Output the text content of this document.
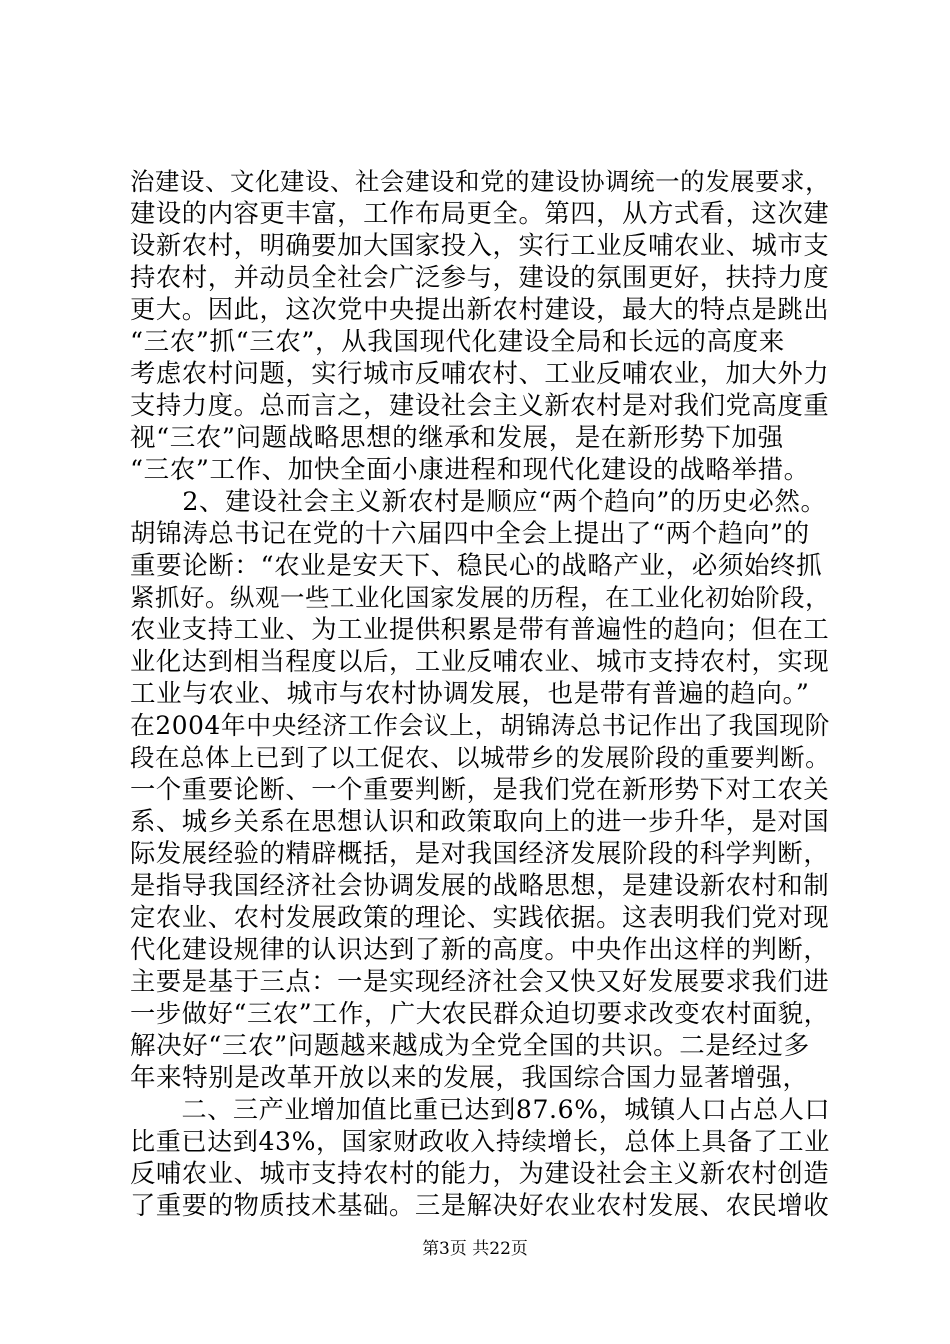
治建设、文化建设、社会建设和党的建设协调统一的发展要求，
建设的内容更丰富，工作布局更全。第四，从方式看，这次建
设新农村，明确要加大国家投入，实行工业反哺农业、城市支
持农村，并动员全社会广泛参与，建设的氛围更好，扶持力度
更大。因此，这次党中央提出新农村建设，最大的特点是跳出
“三农”抓“三农”，从我国现代化建设全局和长远的高度来
考虑农村问题，实行城市反哺农村、工业反哺农业，加大外力
支持力度。总而言之，建设社会主义新农村是对我们党高度重
视“三农”问题战略思想的继承和发展，是在新形势下加强
“三农”工作、加快全面小康进程和现代化建设的战略举措。
　　2、建设社会主义新农村是顺应“两个趋向”的历史必然。
胡锦涛总书记在党的十六届四中全会上提出了“两个趋向”的
重要论断：“农业是安天下、稳民心的战略产业，必须始终抓
紧抓好。纵观一些工业化国家发展的历程，在工业化初始阶段，
农业支持工业、为工业提供积累是带有普遍性的趋向；但在工
业化达到相当程度以后，工业反哺农业、城市支持农村，实现
工业与农业、城市与农村协调发展，也是带有普遍的趋向。”
在2004年中央经济工作会议上，胡锦涛总书记作出了我国现阶
段在总体上已到了以工促农、以城带乡的发展阶段的重要判断。
一个重要论断、一个重要判断，是我们党在新形势下对工农关
系、城乡关系在思想认识和政策取向上的进一步升华，是对国
际发展经验的精辟概括，是对我国经济发展阶段的科学判断，
是指导我国经济社会协调发展的战略思想，是建设新农村和制
定农业、农村发展政策的理论、实践依据。这表明我们党对现
代化建设规律的认识达到了新的高度。中央作出这样的判断，
主要是基于三点：一是实现经济社会又快又好发展要求我们进
一步做好“三农”工作，广大农民群众迫切要求改变农村面貌，
解决好“三农”问题越来越成为全党全国的共识。二是经过多
年来特别是改革开放以来的发展，我国综合国力显著增强，
　　二、三产业增加值比重已达到87.6%，城镇人口占总人口
比重已达到43%，国家财政收入持续增长，总体上具备了工业
反哺农业、城市支持农村的能力，为建设社会主义新农村创造
了重要的物质技术基础。三是解决好农业农村发展、农民增收
第3页 共22页
